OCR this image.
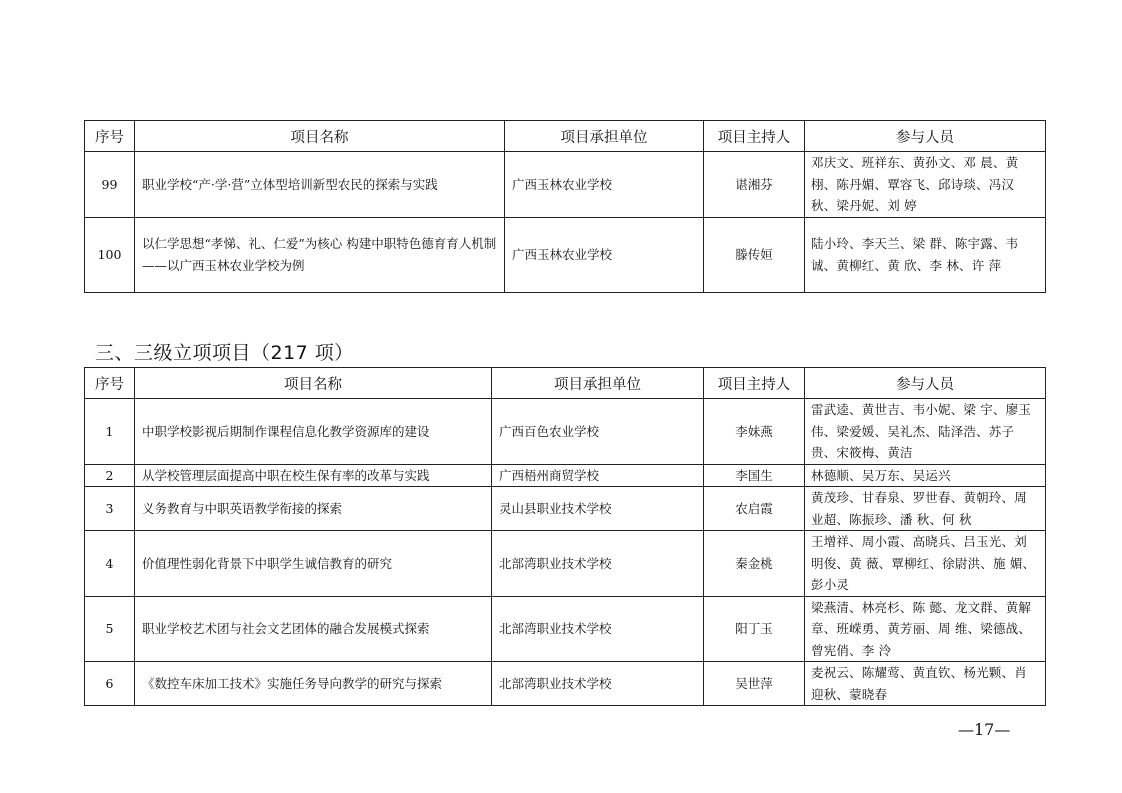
序号	项目名称	项目承担单位	项目主持人	参与人员
99	职业学校“产·学·营”立体型培训新型农民的探索与实践	广西玉林农业学校	谌湘芬	邓庆文、班祥东、黄孙文、邓 晨、黄 栩、陈丹媚、覃容飞、邱诗琰、冯汉秋、梁丹妮、刘 婷
100	以仁学思想“孝悌、礼、仁爱”为核心 构建中职特色德育育人机制——以广西玉林农业学校为例	广西玉林农业学校	滕传姮	陆小玲、李天兰、梁 群、陈宇露、韦 诚、黄柳红、黄 欣、李 林、许 萍
三、三级立项项目（217 项）
序号	项目名称	项目承担单位	项目主持人	参与人员
1	中职学校影视后期制作课程信息化教学资源库的建设	广西百色农业学校	李妹燕	雷武逵、黄世吉、韦小妮、梁 宇、廖玉伟、梁爱媛、吴礼杰、陆泽浩、苏子贵、宋筱梅、黄洁
2	从学校管理层面提高中职在校生保有率的改革与实践	广西梧州商贸学校	李国生	林德顺、吴万东、吴运兴
3	义务教育与中职英语教学衔接的探索	灵山县职业技术学校	农启霞	黄茂珍、甘春泉、罗世春、黄朝玲、周业超、陈振珍、潘 秋、何 秋
4	价值理性弱化背景下中职学生诚信教育的研究	北部湾职业技术学校	秦金桃	王增祥、周小霞、高晓兵、吕玉光、刘明俊、黄 薇、覃柳红、徐尉洪、施 媚、彭小灵
5	职业学校艺术团与社会文艺团体的融合发展模式探索	北部湾职业技术学校	阳丁玉	梁燕清、林亮杉、陈 懿、龙文群、黄解章、班嵘勇、黄芳丽、周 维、梁德战、曾宪俏、李 泠
6	《数控车床加工技术》实施任务导向教学的研究与探索	北部湾职业技术学校	吴世萍	麦祝云、陈耀莺、黄直钦、杨光颗、肖迎秋、蒙晓春
—17—
